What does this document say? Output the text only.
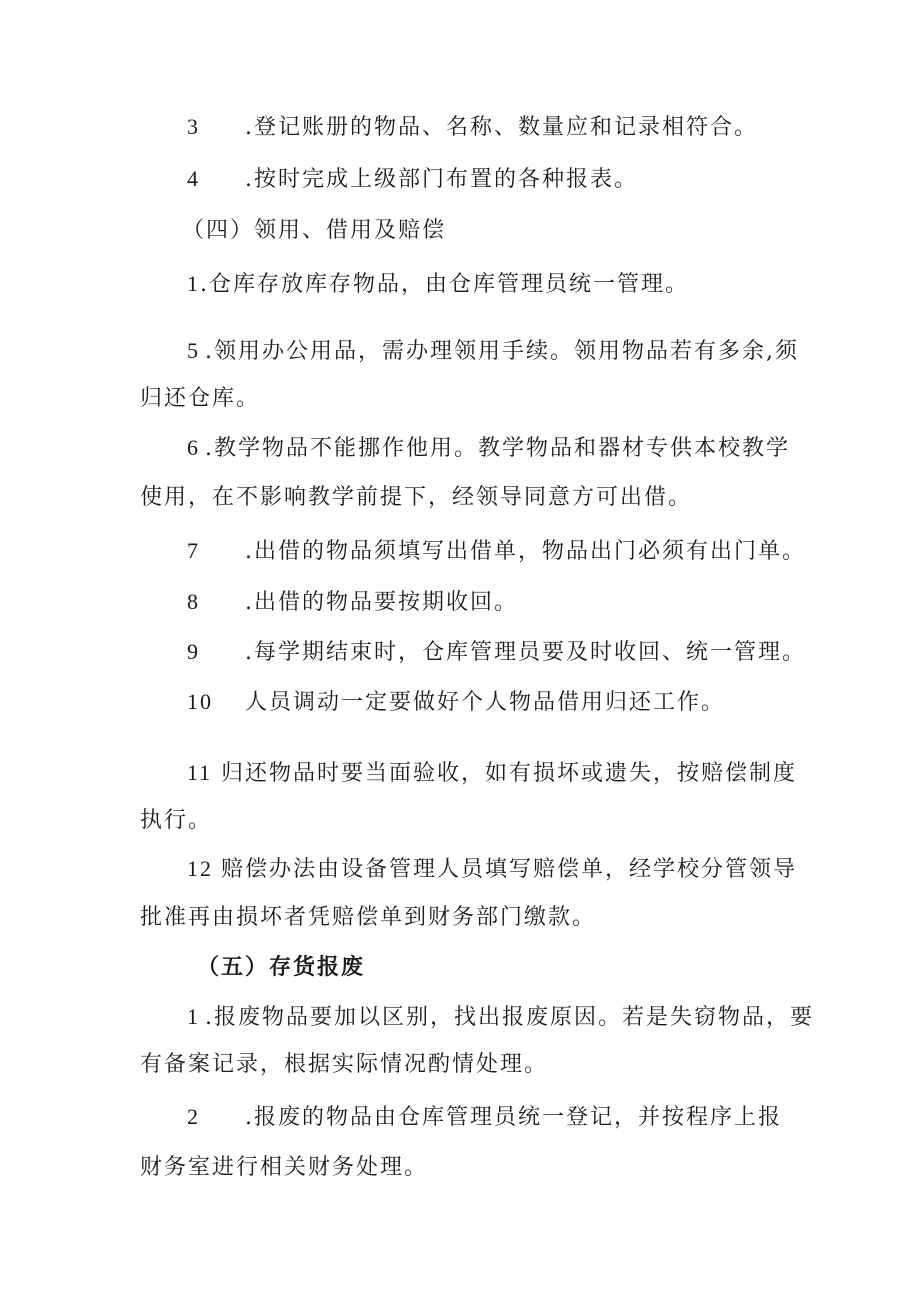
3 .登记账册的物品、名称、数量应和记录相符合。
4 .按时完成上级部门布置的各种报表。
（四）领用、借用及赔偿
1.仓库存放库存物品，由仓库管理员统一管理。
5 .领用办公用品，需办理领用手续。领用物品若有多余,须
归还仓库。
6 .教学物品不能挪作他用。教学物品和器材专供本校教学
使用，在不影响教学前提下，经领导同意方可出借。
7 .出借的物品须填写出借单，物品出门必须有出门单。
8 .出借的物品要按期收回。
9 .每学期结束时，仓库管理员要及时收回、统一管理。
10 人员调动一定要做好个人物品借用归还工作。
11 归还物品时要当面验收，如有损坏或遗失，按赔偿制度
执行。
12 赔偿办法由设备管理人员填写赔偿单，经学校分管领导
批准再由损坏者凭赔偿单到财务部门缴款。
（五）存货报废
1 .报废物品要加以区别，找出报废原因。若是失窃物品，要
有备案记录，根据实际情况酌情处理。
2 .报废的物品由仓库管理员统一登记，并按程序上报
财务室进行相关财务处理。
